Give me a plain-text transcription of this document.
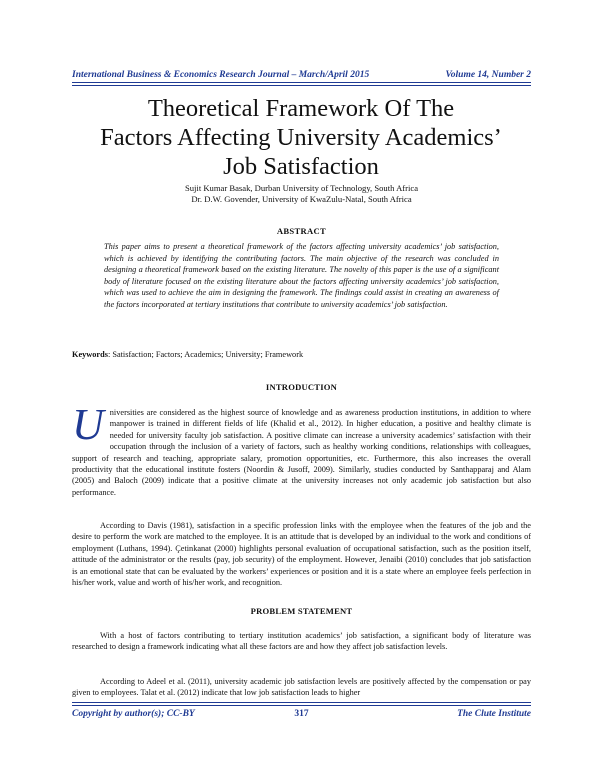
International Business & Economics Research Journal – March/April 2015	Volume 14, Number 2
Theoretical Framework Of The
Factors Affecting University Academics’
Job Satisfaction
Sujit Kumar Basak, Durban University of Technology, South Africa
Dr. D.W. Govender, University of KwaZulu-Natal, South Africa
ABSTRACT
This paper aims to present a theoretical framework of the factors affecting university academics’ job satisfaction, which is achieved by identifying the contributing factors. The main objective of the research was concluded in designing a theoretical framework based on the existing literature. The novelty of this paper is the use of a significant body of literature focused on the existing literature about the factors affecting university academics’ job satisfaction, which was used to achieve the aim in designing the framework. The findings could assist in creating an awareness of the factors incorporated at tertiary institutions that contribute to university academics’ job satisfaction.
Keywords: Satisfaction; Factors; Academics; University; Framework
INTRODUCTION
Universities are considered as the highest source of knowledge and as awareness production institutions, in addition to where manpower is trained in different fields of life (Khalid et al., 2012). In higher education, a positive and healthy climate is needed for university faculty job satisfaction. A positive climate can increase a university academics’ satisfaction with their occupation through the inclusion of a variety of factors, such as healthy working conditions, relationships with colleagues, support of research and teaching, appropriate salary, promotion opportunities, etc. Furthermore, this also increases the overall productivity that the educational institute fosters (Noordin & Jusoff, 2009). Similarly, studies conducted by Santhapparaj and Alam (2005) and Baloch (2009) indicate that a positive climate at the university increases not only academic job satisfaction but also performance.
According to Davis (1981), satisfaction in a specific profession links with the employee when the features of the job and the desire to perform the work are matched to the employee. It is an attitude that is developed by an individual to the work and conditions of employment (Luthans, 1994). Çetinkanat (2000) highlights personal evaluation of occupational satisfaction, such as the position itself, attitude of the administrator or the results (pay, job security) of the employment. However, Jenaibi (2010) concludes that job satisfaction is an emotional state that can be evaluated by the workers’ experiences or position and it is a state where an employee feels perfection in his/her work, value and worth of his/her work, and recognition.
PROBLEM STATEMENT
With a host of factors contributing to tertiary institution academics’ job satisfaction, a significant body of literature was researched to design a framework indicating what all these factors are and how they affect job satisfaction levels.
According to Adeel et al. (2011), university academic job satisfaction levels are positively affected by the compensation or pay given to employees. Talat et al. (2012) indicate that low job satisfaction leads to higher
Copyright by author(s); CC-BY	317	The Clute Institute
